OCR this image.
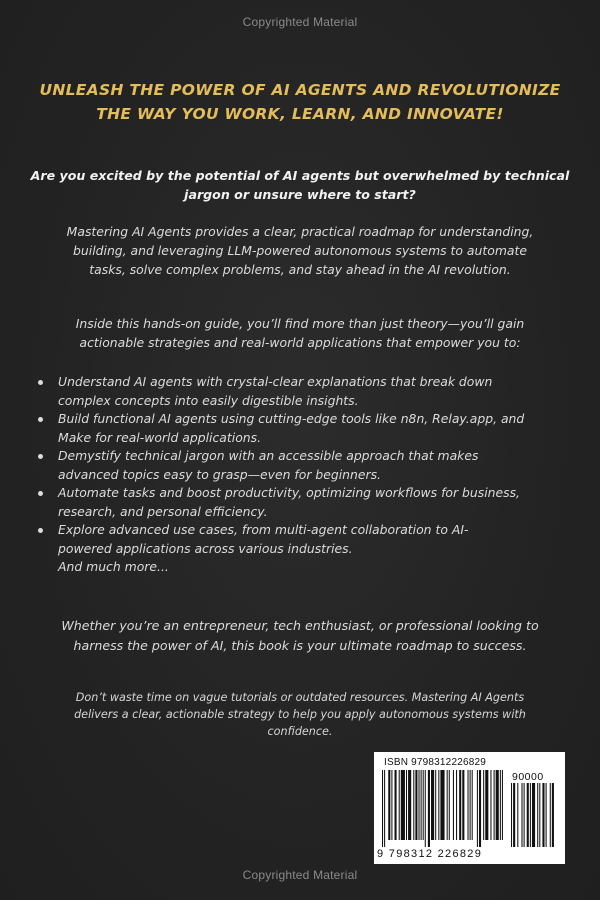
Copyrighted Material
UNLEASH THE POWER OF AI AGENTS AND REVOLUTIONIZE
THE WAY YOU WORK, LEARN, AND INNOVATE!
Are you excited by the potential of AI agents but overwhelmed by technical
jargon or unsure where to start?
Mastering AI Agents provides a clear, practical roadmap for understanding,
building, and leveraging LLM-powered autonomous systems to automate
tasks, solve complex problems, and stay ahead in the AI revolution.
Inside this hands-on guide, you’ll find more than just theory—you’ll gain
actionable strategies and real-world applications that empower you to:
Understand AI agents with crystal-clear explanations that break down
complex concepts into easily digestible insights.
Build functional AI agents using cutting-edge tools like n8n, Relay.app, and
Make for real-world applications.
Demystify technical jargon with an accessible approach that makes
advanced topics easy to grasp—even for beginners.
Automate tasks and boost productivity, optimizing workflows for business,
research, and personal efficiency.
Explore advanced use cases, from multi-agent collaboration to AI-
powered applications across various industries.
And much more...
Whether you’re an entrepreneur, tech enthusiast, or professional looking to
harness the power of AI, this book is your ultimate roadmap to success.
Don’t waste time on vague tutorials or outdated resources. Mastering AI Agents
delivers a clear, actionable strategy to help you apply autonomous systems with
confidence.
ISBN 9798312226829
90000
9 798312 226829
Copyrighted Material
